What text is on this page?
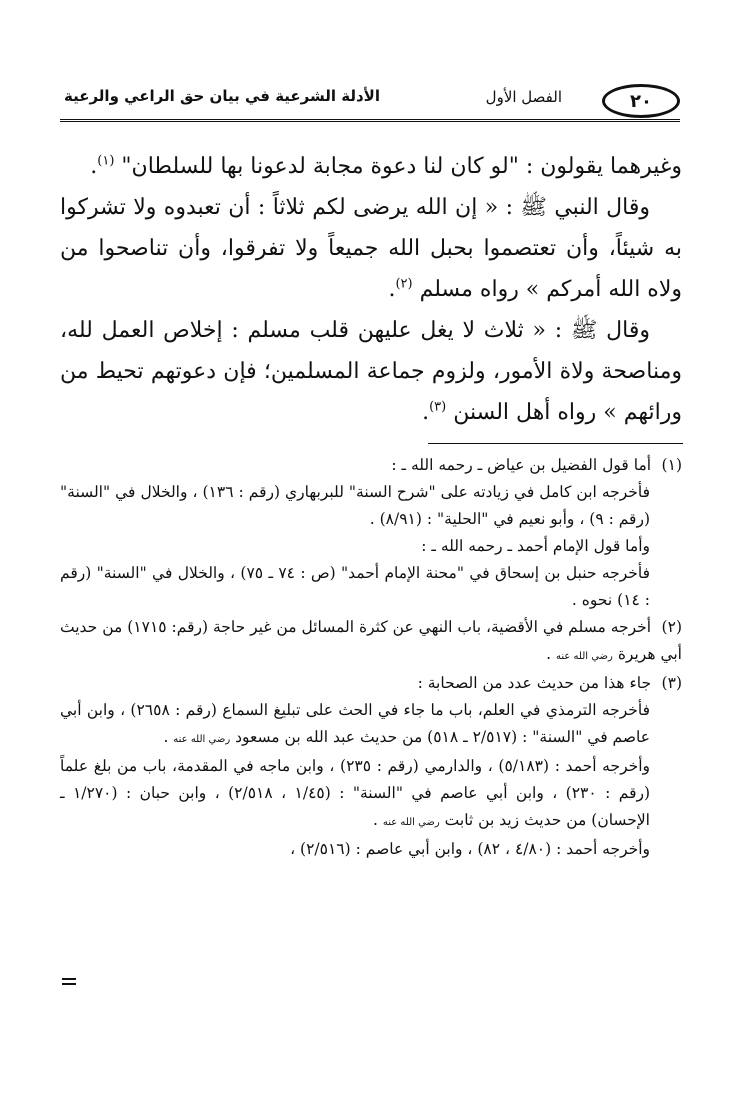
٢٠
الفصل الأول
الأدلة الشرعية في بيان حق الراعي والرعية

وغيرهما يقولون : "لو كان لنا دعوة مجابة لدعونا بها للسلطان" $^{(١)}$.

وقال النبي ﷺ : « إن الله يرضى لكم ثلاثاً : أن تعبدوه ولا تشركوا به شيئاً، وأن تعتصموا بحبل الله جميعاً ولا تفرقوا، وأن تناصحوا من ولاه الله أمركم » رواه مسلم $^{(٢)}$.

وقال ﷺ : « ثلاث لا يغل عليهن قلب مسلم : إخلاص العمل لله، ومناصحة ولاة الأمور، ولزوم جماعة المسلمين؛ فإن دعوتهم تحيط من ورائهم » رواه أهل السنن $^{(٣)}$.

(١) أما قول الفضيل بن عياض ـ رحمه الله ـ :

فأخرجه ابن كامل في زيادته على "شرح السنة" للبربهاري (رقم : ١٣٦) ، والخلال في "السنة" (رقم : ٩) ، وأبو نعيم في "الحلية" : (٨/٩١) .

وأما قول الإمام أحمد ـ رحمه الله ـ :

فأخرجه حنبل بن إسحاق في "محنة الإمام أحمد" (ص : ٧٤ ـ ٧٥) ، والخلال في "السنة" (رقم : ١٤) نحوه .

(٢) أخرجه مسلم في الأقضية، باب النهي عن كثرة المسائل من غير حاجة (رقم: ١٧١٥) من حديث أبي هريرة رضي الله عنه .
(٣) جاء هذا من حديث عدد من الصحابة :

فأخرجه الترمذي في العلم، باب ما جاء في الحث على تبليغ السماع (رقم : ٢٦٥٨) ، وابن أبي عاصم في "السنة" : (٢/٥١٧ ـ ٥١٨) من حديث عبد الله بن مسعود رضي الله عنه .

وأخرجه أحمد : (٥/١٨٣) ، والدارمي (رقم : ٢٣٥) ، وابن ماجه في المقدمة، باب من بلغ علماً (رقم : ٢٣٠) ، وابن أبي عاصم في "السنة" : (١/٤٥ ، ٢/٥١٨) ، وابن حبان : (١/٢٧٠ ـ الإحسان) من حديث زيد بن ثابت رضي الله عنه .

وأخرجه أحمد : (٤/٨٠ ، ٨٢) ، وابن أبي عاصم : (٢/٥١٦) ،
